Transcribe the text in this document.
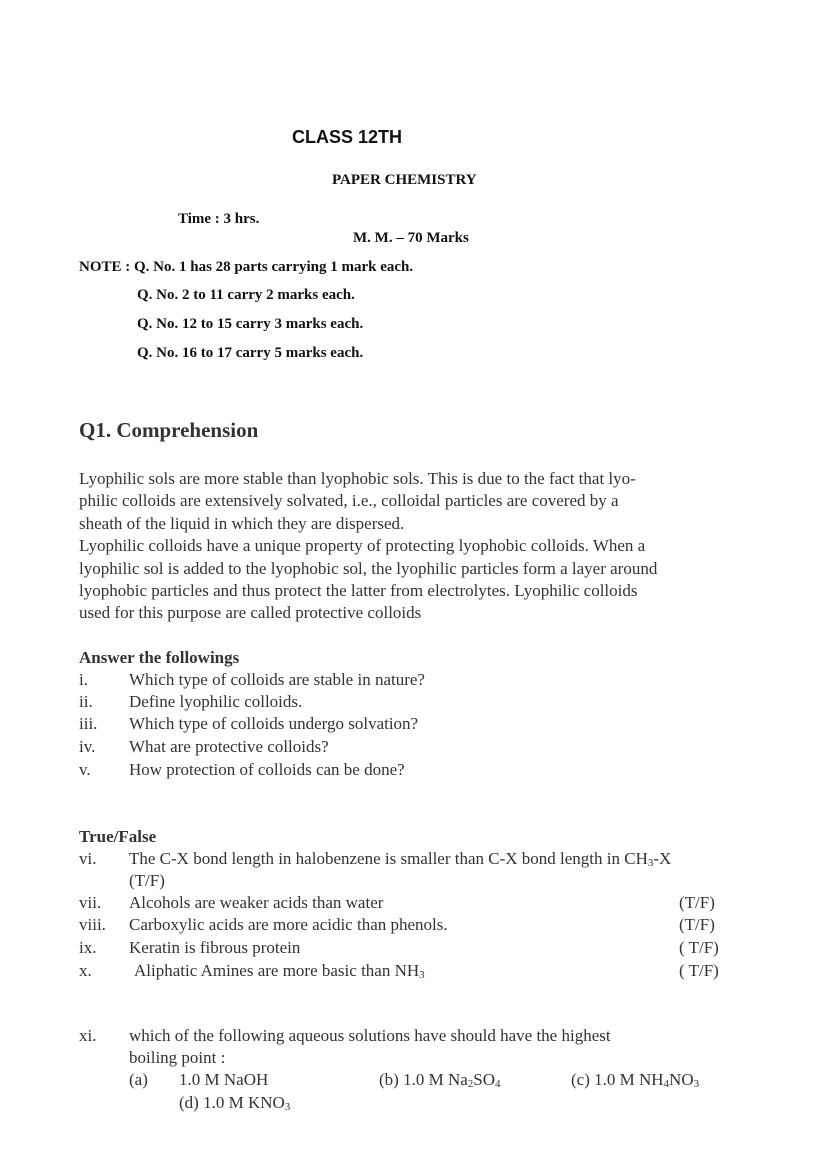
CLASS 12TH
PAPER CHEMISTRY
Time : 3 hrs.
M. M. – 70 Marks
NOTE : Q. No. 1 has 28 parts carrying 1 mark each.
Q. No. 2 to 11 carry 2 marks each.
Q. No. 12 to 15 carry 3 marks each.
Q. No. 16 to 17 carry 5 marks each.
Q1. Comprehension
Lyophilic sols are more stable than lyophobic sols. This is due to the fact that lyo-
philic colloids are extensively solvated, i.e., colloidal particles are covered by a
sheath of the liquid in which they are dispersed.
Lyophilic colloids have a unique property of protecting lyophobic colloids. When a
lyophilic sol is added to the lyophobic sol, the lyophilic particles form a layer around
lyophobic particles and thus protect the latter from electrolytes. Lyophilic colloids
used for this purpose are called protective colloids
Answer the followings
i. Which type of colloids are stable in nature?
ii. Define lyophilic colloids.
iii. Which type of colloids undergo solvation?
iv. What are protective colloids?
v. How protection of colloids can be done?
True/False
vi. The C-X bond length in halobenzene is smaller than C-X bond length in $CH_3-X$
(T/F)
vii. Alcohols are weaker acids than water	(T/F)
viii. Carboxylic acids are more acidic than phenols.	(T/F)
ix. Keratin is fibrous protein	( T/F)
x. Aliphatic Amines are more basic than $NH_3$	( T/F)
xi. which of the following aqueous solutions have should have the highest
boiling point :
(a) 1.0 M NaOH	(b) 1.0 M $Na_2SO_4$	(c) 1.0 M $NH_4NO_3$
(d) 1.0 M $KNO_3$
